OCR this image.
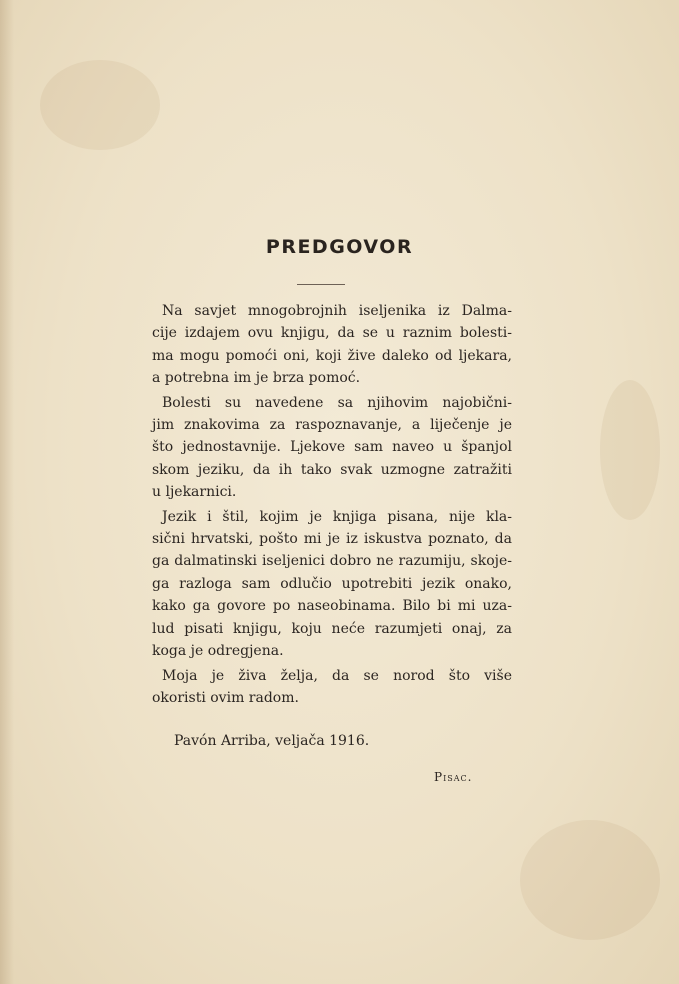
PREDGOVOR
Na savjet mnogobrojnih iseljenika iz Dalma-
cije izdajem ovu knjigu, da se u raznim bolesti-
ma mogu pomoći oni, koji žive daleko od ljekara,
a potrebna im je brza pomoć.
Bolesti su navedene sa njihovim najobični-
jim znakovima za raspoznavanje, a liječenje je
što jednostavnije. Ljekove sam naveo u španjol
skom jeziku, da ih tako svak uzmogne zatražiti
u ljekarnici.
Jezik i štil, kojim je knjiga pisana, nije kla-
sični hrvatski, pošto mi je iz iskustva poznato, da
ga dalmatinski iseljenici dobro ne razumiju, skoje-
ga razloga sam odlučio upotrebiti jezik onako,
kako ga govore po naseobinama. Bilo bi mi uza-
lud pisati knjigu, koju neće razumjeti onaj, za
koga je odregjena.
Moja je živa želja, da se norod što više
okoristi ovim radom.
Pavón Arriba, veljača 1916.
Pisac.
